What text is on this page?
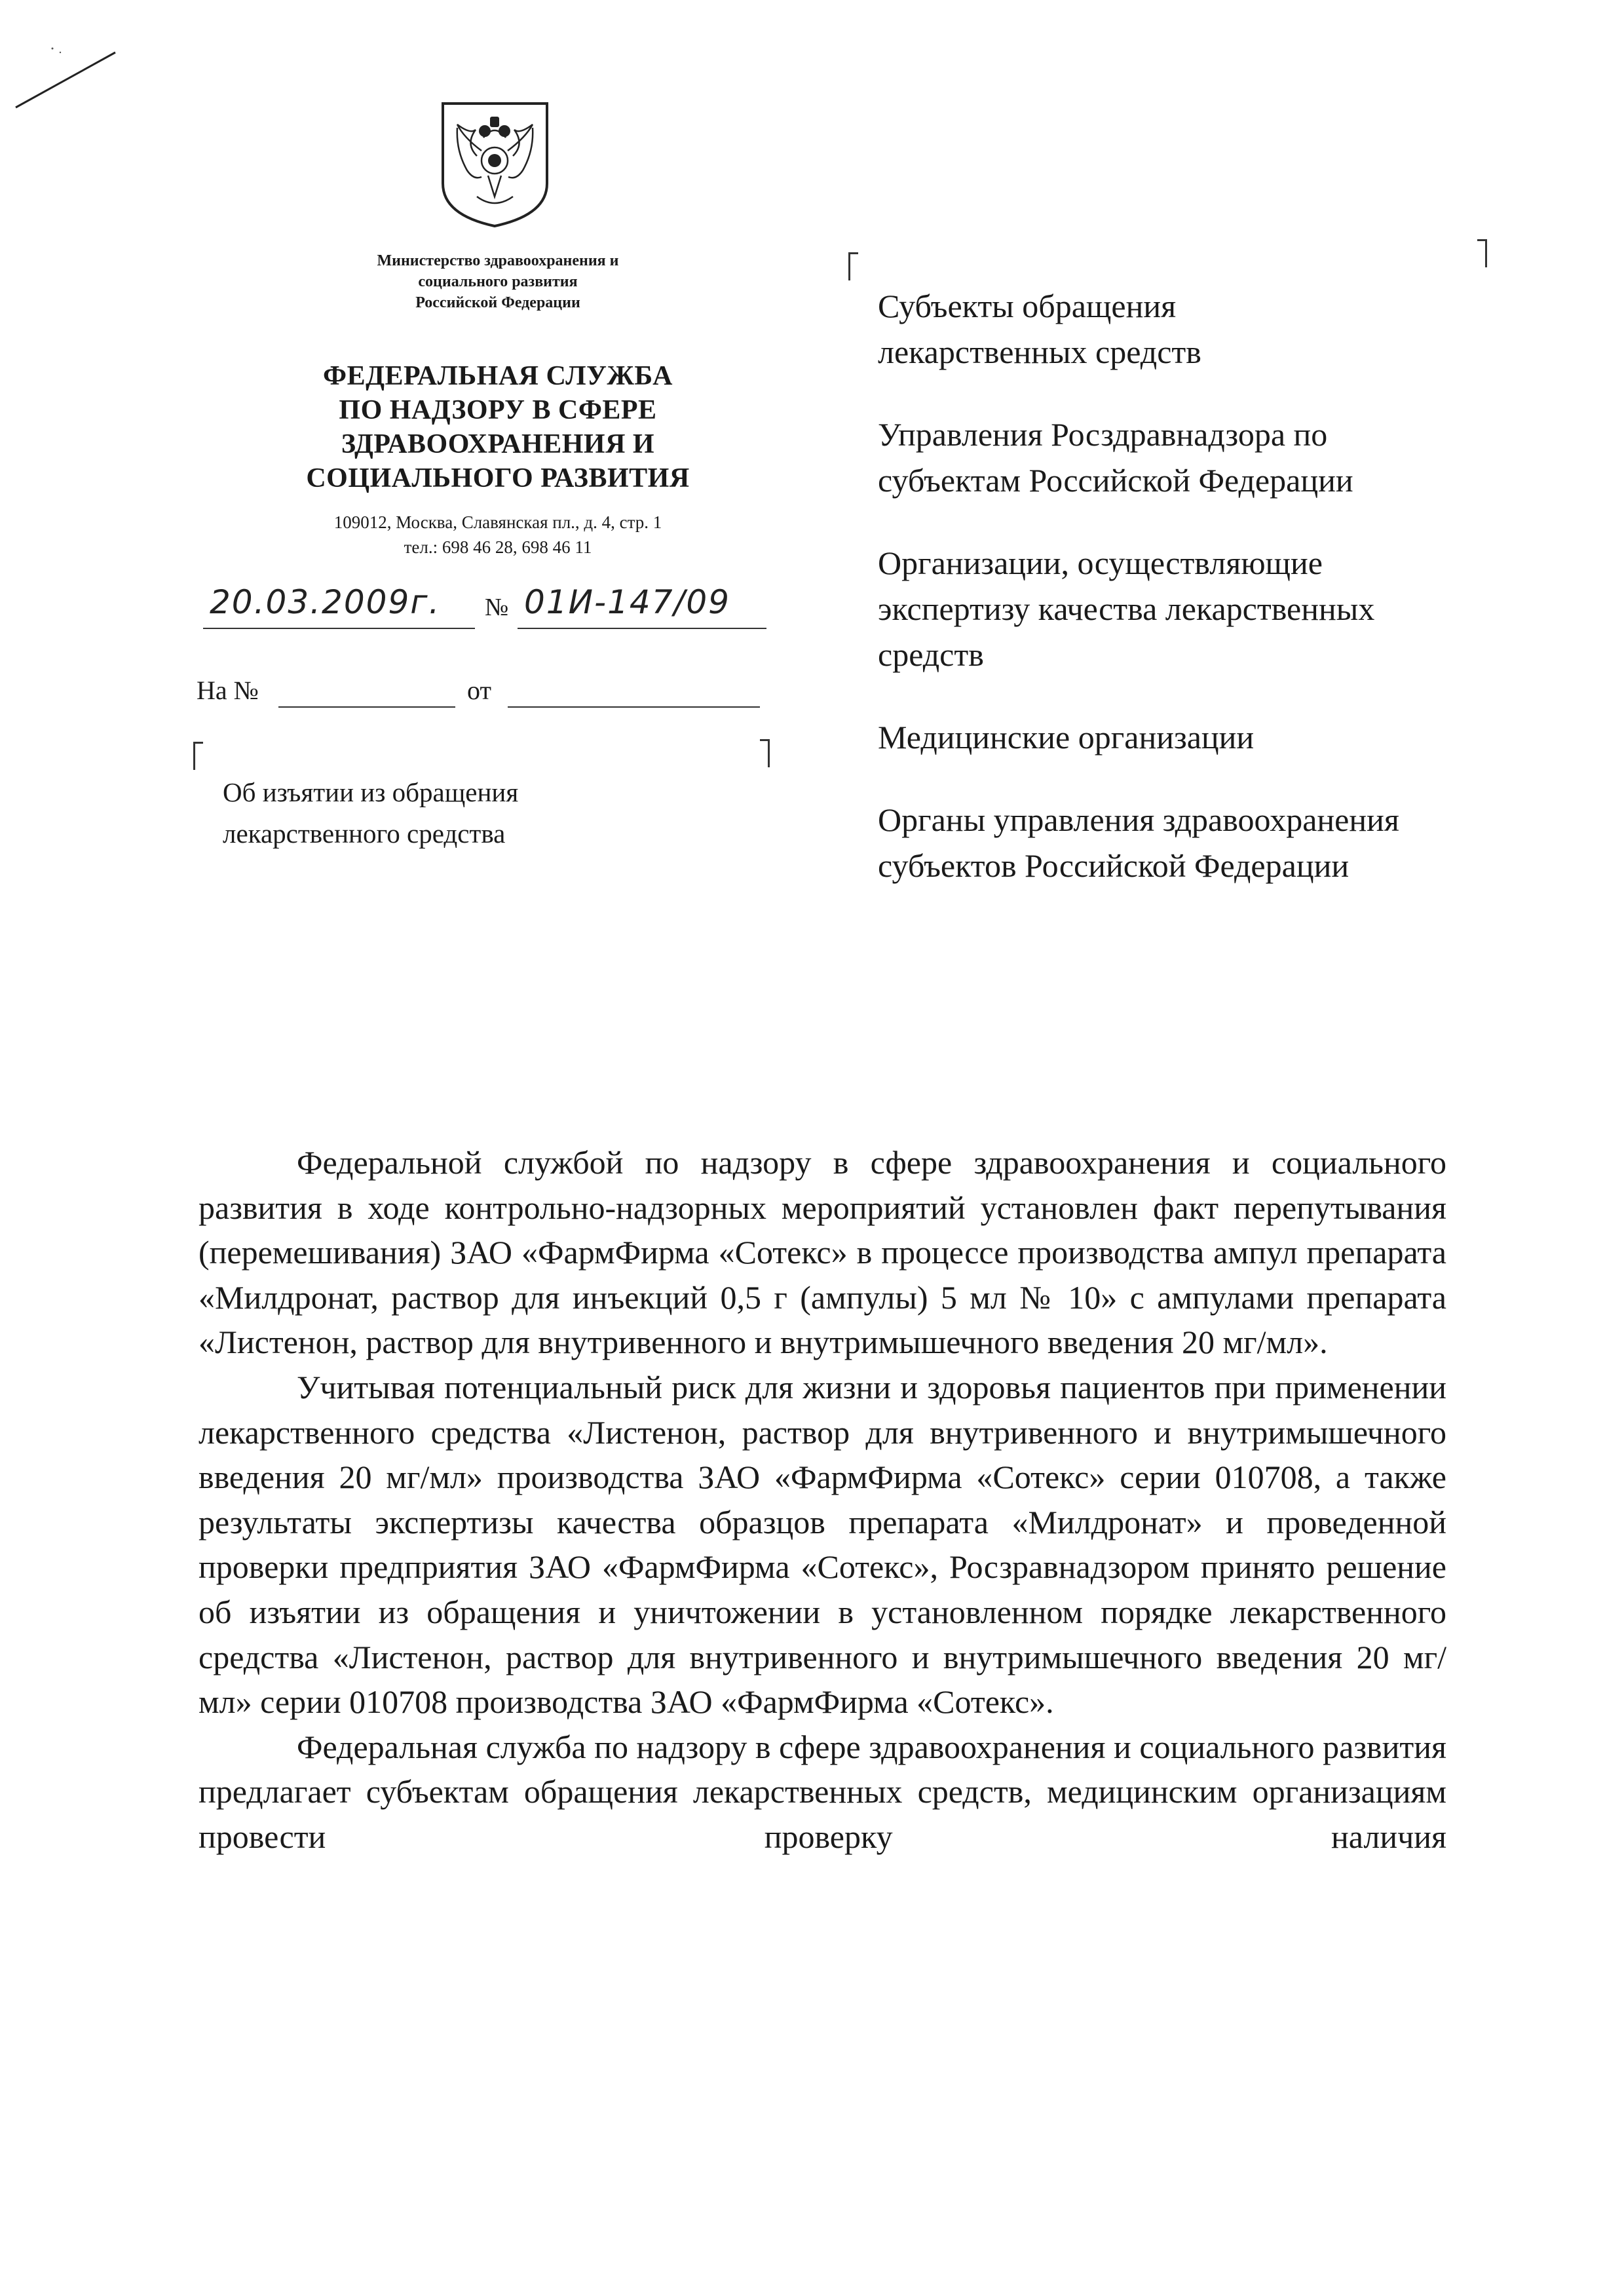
Министерство здравоохранения и
социального развития
Российской Федерации
ФЕДЕРАЛЬНАЯ СЛУЖБА
ПО НАДЗОРУ В СФЕРЕ
ЗДРАВООХРАНЕНИЯ И
СОЦИАЛЬНОГО РАЗВИТИЯ
109012, Москва, Славянская пл., д. 4, стр. 1
тел.: 698 46 28, 698 46 11
20.03.2009г. № 01И-147/09
На №	от
Об изъятии из обращения
лекарственного средства
Субъекты обращения
лекарственных средств
Управления Росздравнадзора по
субъектам Российской Федерации
Организации, осуществляющие
экспертизу качества лекарственных
средств
Медицинские организации
Органы управления здравоохранения
субъектов Российской Федерации

Федеральной службой по надзору в сфере здравоохранения и социального развития в ходе контрольно-надзорных мероприятий установлен факт перепутывания (перемешивания) ЗАО «ФармФирма «Сотекс» в процессе производства ампул препарата «Милдронат, раствор для инъекций 0,5 г (ампулы) 5 мл № 10» с ампулами препарата «Листенон, раствор для внутривенного и внутримышечного введения 20 мг/мл».

Учитывая потенциальный риск для жизни и здоровья пациентов при применении лекарственного средства «Листенон, раствор для внутривенного и внутримышечного введения 20 мг/мл» производства ЗАО «ФармФирма «Сотекс» серии 010708, а также результаты экспертизы качества образцов препарата «Милдронат» и проведенной проверки предприятия ЗАО «ФармФирма «Сотекс», Росзравнадзором принято решение об изъятии из обращения и уничтожении в установленном порядке лекарственного средства «Листенон, раствор для внутривенного и внутримышечного введения 20 мг/мл» серии 010708 производства ЗАО «ФармФирма «Сотекс».

Федеральная служба по надзору в сфере здравоохранения и социального развития предлагает субъектам обращения лекарственных средств, медицинским организациям провести проверку наличия
